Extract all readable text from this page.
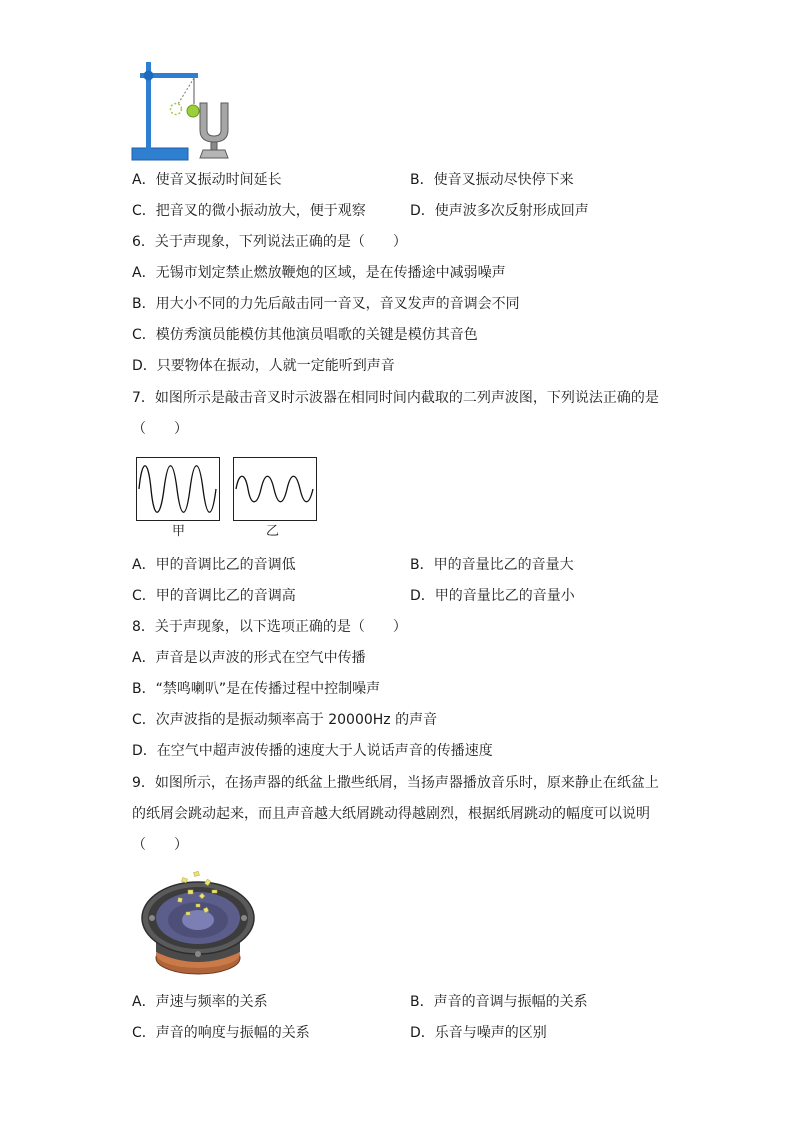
A．使音叉振动时间延长	B．使音叉振动尽快停下来
C．把音叉的微小振动放大，便于观察	D．使声波多次反射形成回声
6．关于声现象，下列说法正确的是（　　）
A．无锡市划定禁止燃放鞭炮的区域，是在传播途中减弱噪声
B．用大小不同的力先后敲击同一音叉，音叉发声的音调会不同
C．模仿秀演员能模仿其他演员唱歌的关键是模仿其音色
D．只要物体在振动，人就一定能听到声音
7．如图所示是敲击音叉时示波器在相同时间内截取的二列声波图，下列说法正确的是
（　　）
甲	乙
A．甲的音调比乙的音调低	B．甲的音量比乙的音量大
C．甲的音调比乙的音调高	D．甲的音量比乙的音量小
8．关于声现象，以下选项正确的是（　　）
A．声音是以声波的形式在空气中传播
B．“禁鸣喇叭”是在传播过程中控制噪声
C．次声波指的是振动频率高于 20000Hz 的声音
D．在空气中超声波传播的速度大于人说话声音的传播速度
9．如图所示，在扬声器的纸盆上撒些纸屑，当扬声器播放音乐时，原来静止在纸盆上
的纸屑会跳动起来，而且声音越大纸屑跳动得越剧烈，根据纸屑跳动的幅度可以说明
（　　）
A．声速与频率的关系	B．声音的音调与振幅的关系
C．声音的响度与振幅的关系	D．乐音与噪声的区别
